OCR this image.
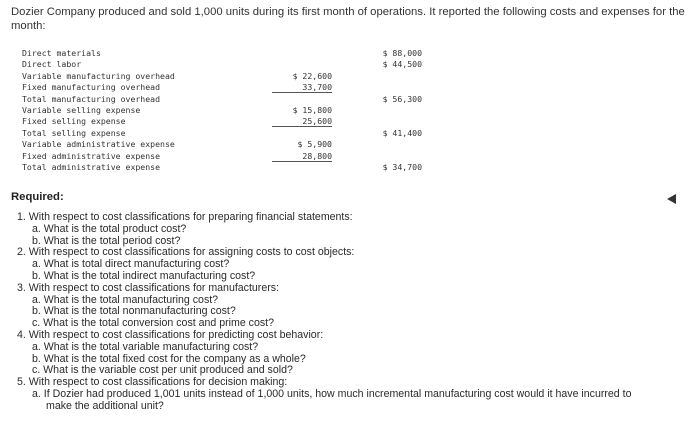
Dozier Company produced and sold 1,000 units during its first month of operations. It reported the following costs and expenses for the month:
Direct materials	$ 88,000
Direct labor	$ 44,500
Variable manufacturing overhead	$ 22,600
Fixed manufacturing overhead	33,700
Total manufacturing overhead	$ 56,300
Variable selling expense	$ 15,800
Fixed selling expense	25,600
Total selling expense	$ 41,400
Variable administrative expense	$ 5,900
Fixed administrative expense	28,800
Total administrative expense	$ 34,700
Required:
1. With respect to cost classifications for preparing financial statements:
a. What is the total product cost?
b. What is the total period cost?
2. With respect to cost classifications for assigning costs to cost objects:
a. What is total direct manufacturing cost?
b. What is the total indirect manufacturing cost?
3. With respect to cost classifications for manufacturers:
a. What is the total manufacturing cost?
b. What is the total nonmanufacturing cost?
c. What is the total conversion cost and prime cost?
4. With respect to cost classifications for predicting cost behavior:
a. What is the total variable manufacturing cost?
b. What is the total fixed cost for the company as a whole?
c. What is the variable cost per unit produced and sold?
5. With respect to cost classifications for decision making:
a. If Dozier had produced 1,001 units instead of 1,000 units, how much incremental manufacturing cost would it have incurred to
make the additional unit?
